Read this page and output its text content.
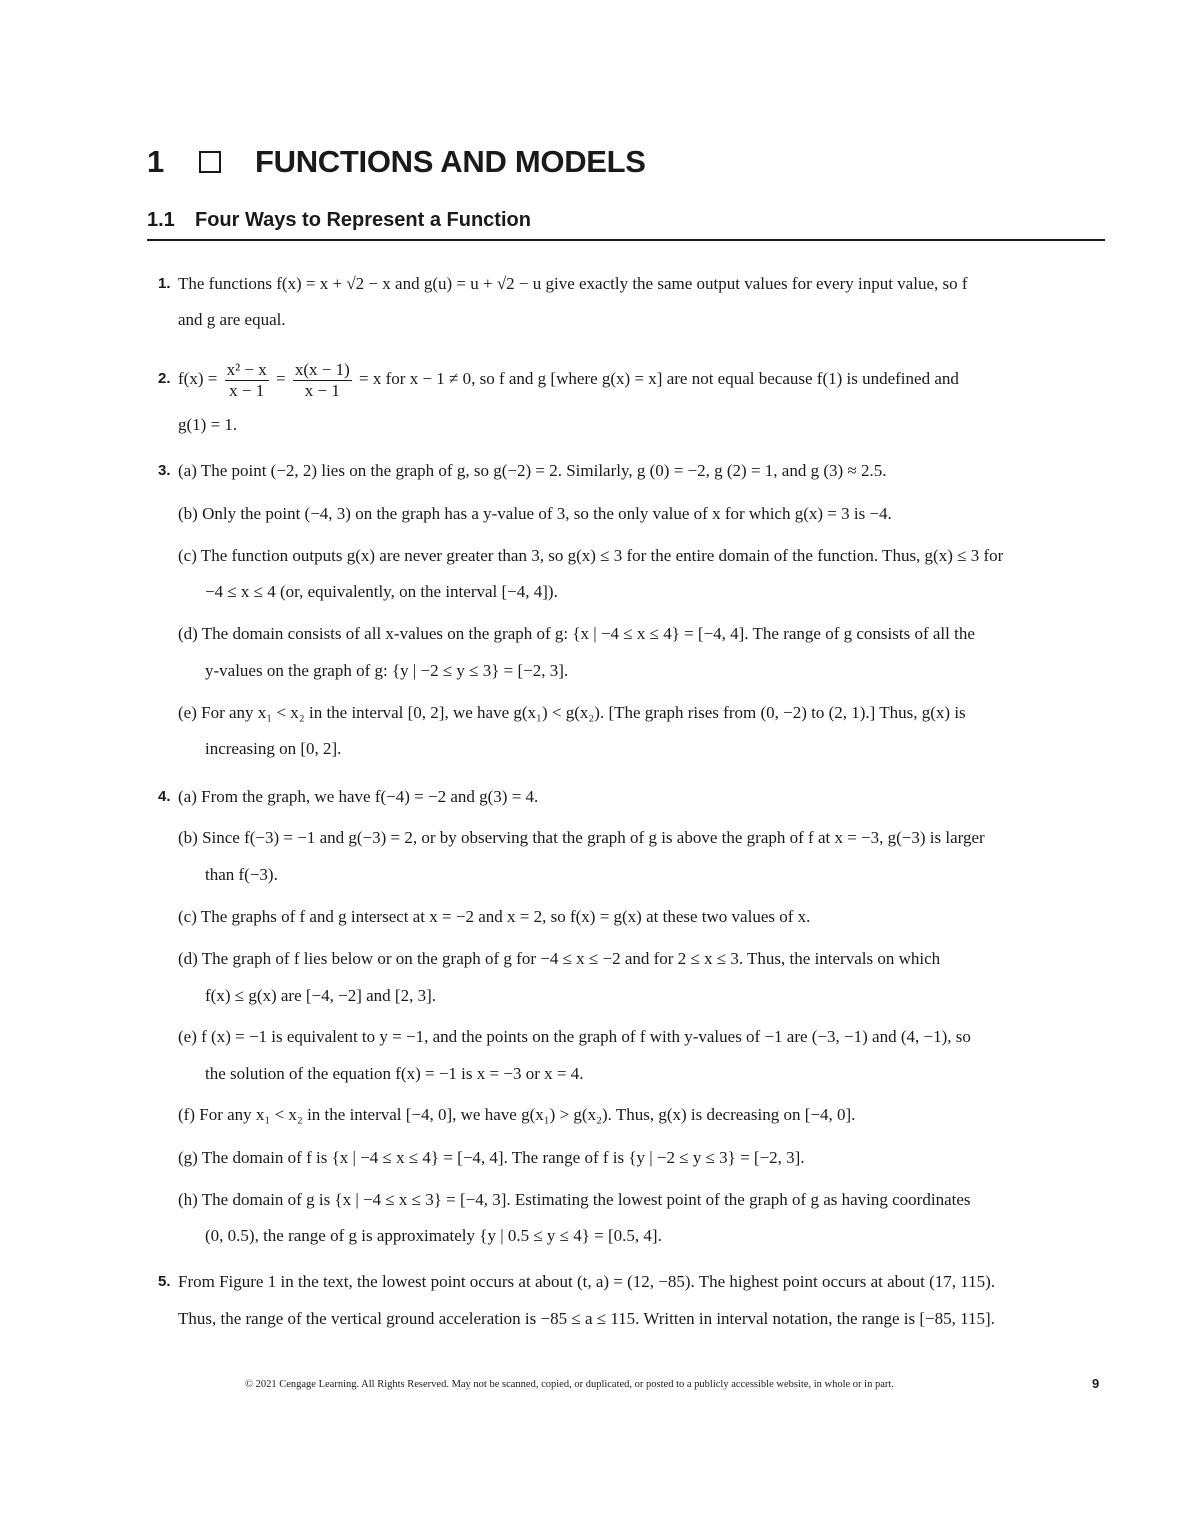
1	FUNCTIONS AND MODELS
1.1	Four Ways to Represent a Function
1. The functions f(x) = x + √2 − x and g(u) = u + √2 − u give exactly the same output values for every input value, so f
and g are equal.
2. $f(x) = \frac{\text{x² − x}}{x - 1} = \frac{x(x - 1)}{x - 1} = x$ for x − 1 ≠ 0, so f and g [where g(x) = x] are not equal because f(1) is undefined and
g(1) = 1.
3. (a) The point (−2, 2) lies on the graph of g, so g(−2) = 2. Similarly, g (0) = −2, g (2) = 1, and g (3) ≈ 2.5.
(b) Only the point (−4, 3) on the graph has a y-value of 3, so the only value of x for which g(x) = 3 is −4.
(c) The function outputs g(x) are never greater than 3, so g(x) ≤ 3 for the entire domain of the function. Thus, g(x) ≤ 3 for
−4 ≤ x ≤ 4 (or, equivalently, on the interval [−4, 4]).
(d) The domain consists of all x-values on the graph of g: {x | −4 ≤ x ≤ 4} = [−4, 4]. The range of g consists of all the
y-values on the graph of g: {y | −2 ≤ y ≤ 3} = [−2, 3].
(e) For any x₁ < x₂ in the interval [0, 2], we have g(x₁) < g(x₂). [The graph rises from (0, −2) to (2, 1).] Thus, g(x) is
increasing on [0, 2].
4. (a) From the graph, we have f(−4) = −2 and g(3) = 4.
(b) Since f(−3) = −1 and g(−3) = 2, or by observing that the graph of g is above the graph of f at x = −3, g(−3) is larger
than f(−3).
(c) The graphs of f and g intersect at x = −2 and x = 2, so f(x) = g(x) at these two values of x.
(d) The graph of f lies below or on the graph of g for −4 ≤ x ≤ −2 and for 2 ≤ x ≤ 3. Thus, the intervals on which
f(x) ≤ g(x) are [−4, −2] and [2, 3].
(e) f (x) = −1 is equivalent to y = −1, and the points on the graph of f with y-values of −1 are (−3, −1) and (4, −1), so
the solution of the equation f(x) = −1 is x = −3 or x = 4.
(f) For any x₁ < x₂ in the interval [−4, 0], we have g(x₁) > g(x₂). Thus, g(x) is decreasing on [−4, 0].
(g) The domain of f is {x | −4 ≤ x ≤ 4} = [−4, 4]. The range of f is {y | −2 ≤ y ≤ 3} = [−2, 3].
(h) The domain of g is {x | −4 ≤ x ≤ 3} = [−4, 3]. Estimating the lowest point of the graph of g as having coordinates
(0, 0.5), the range of g is approximately {y | 0.5 ≤ y ≤ 4} = [0.5, 4].
5. From Figure 1 in the text, the lowest point occurs at about (t, a) = (12, −85). The highest point occurs at about (17, 115).
Thus, the range of the vertical ground acceleration is −85 ≤ a ≤ 115. Written in interval notation, the range is [−85, 115].
© 2021 Cengage Learning. All Rights Reserved. May not be scanned, copied, or duplicated, or posted to a publicly accessible website, in whole or in part.	9
